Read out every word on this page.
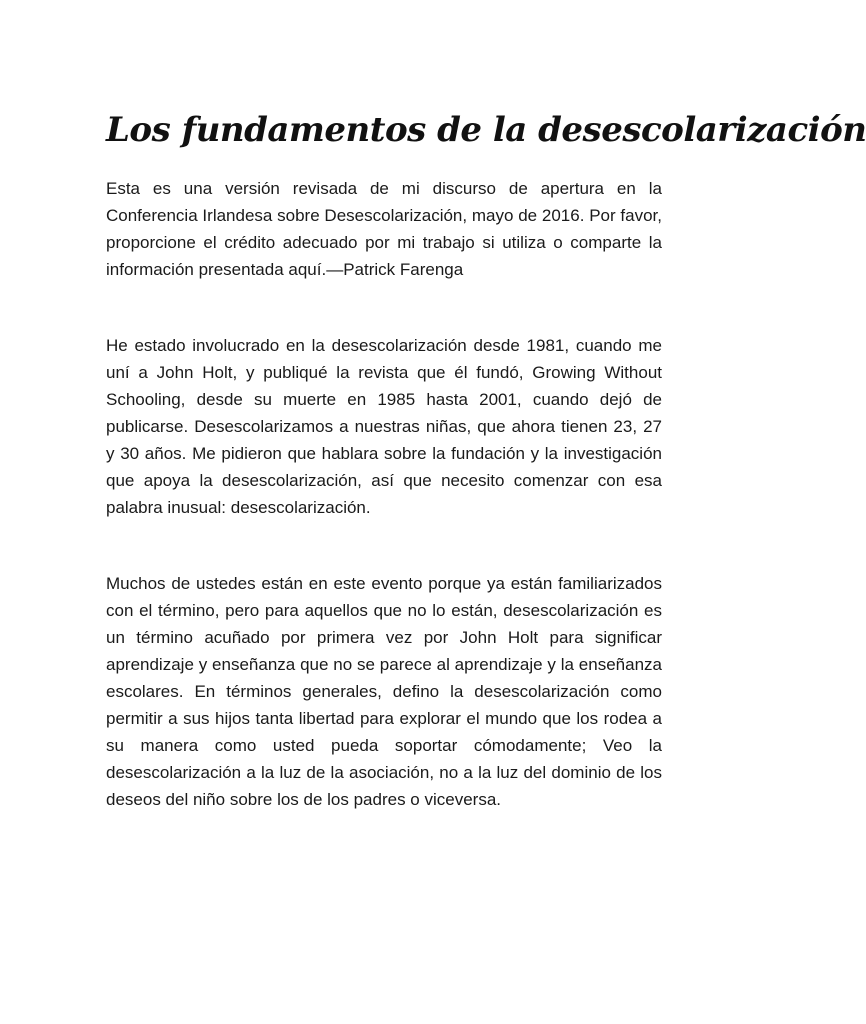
Los fundamentos de la desescolarización

Esta es una versión revisada de mi discurso de apertura en la Conferencia Irlandesa sobre Desescolarización, mayo de 2016. Por favor, proporcione el crédito adecuado por mi trabajo si utiliza o comparte la información presentada aquí.—Patrick Farenga

He estado involucrado en la desescolarización desde 1981, cuando me uní a John Holt, y publiqué la revista que él fundó, Growing Without Schooling, desde su muerte en 1985 hasta 2001, cuando dejó de publicarse. Desescolarizamos a nuestras niñas, que ahora tienen 23, 27 y 30 años. Me pidieron que hablara sobre la fundación y la investigación que apoya la desescolarización, así que necesito comenzar con esa palabra inusual: desescolarización.

Muchos de ustedes están en este evento porque ya están familiarizados con el término, pero para aquellos que no lo están, desescolarización es un término acuñado por primera vez por John Holt para significar aprendizaje y enseñanza que no se parece al aprendizaje y la enseñanza escolares. En términos generales, defino la desescolarización como permitir a sus hijos tanta libertad para explorar el mundo que los rodea a su manera como usted pueda soportar cómodamente; Veo la desescolarización a la luz de la asociación, no a la luz del dominio de los deseos del niño sobre los de los padres o viceversa.
